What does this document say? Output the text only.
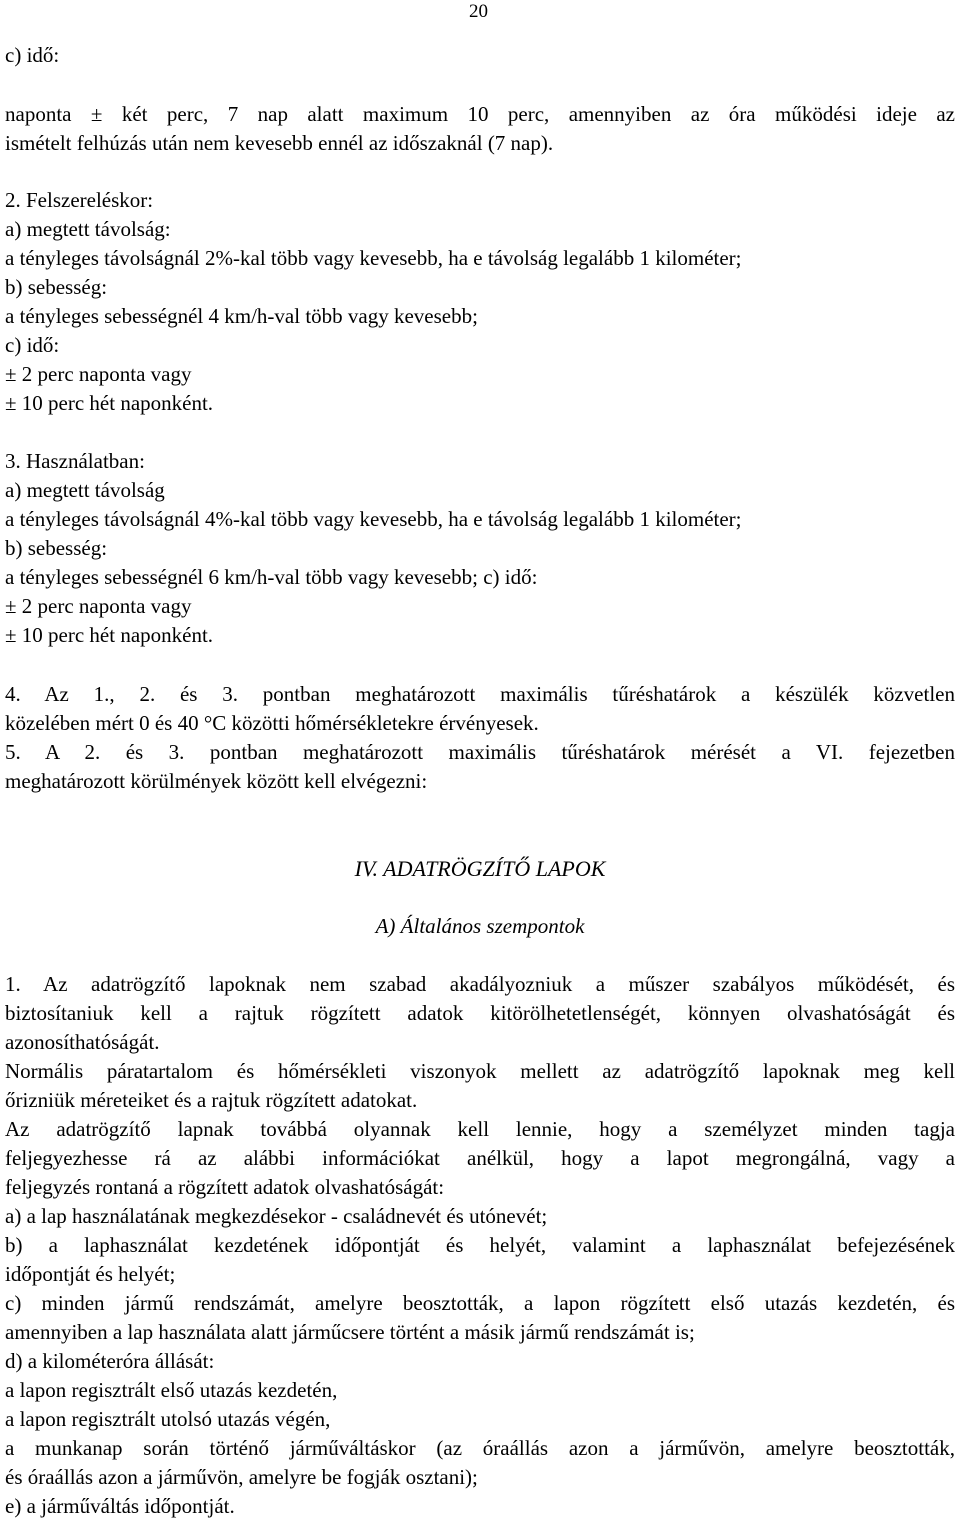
20
c) idő:
naponta ± két perc, 7 nap alatt maximum 10 perc, amennyiben az óra működési ideje az
ismételt felhúzás után nem kevesebb ennél az időszaknál (7 nap).
2. Felszereléskor:
a) megtett távolság:
a tényleges távolságnál 2%-kal több vagy kevesebb, ha e távolság legalább 1 kilométer;
b) sebesség:
a tényleges sebességnél 4 km/h-val több vagy kevesebb;
c) idő:
± 2 perc naponta vagy
± 10 perc hét naponként.
3. Használatban:
a) megtett távolság
a tényleges távolságnál 4%-kal több vagy kevesebb, ha e távolság legalább 1 kilométer;
b) sebesség:
a tényleges sebességnél 6 km/h-val több vagy kevesebb; c) idő:
± 2 perc naponta vagy
± 10 perc hét naponként.
4. Az 1., 2. és 3. pontban meghatározott maximális tűréshatárok a készülék közvetlen
közelében mért 0 és 40 °C közötti hőmérsékletekre érvényesek.
5. A 2. és 3. pontban meghatározott maximális tűréshatárok mérését a VI. fejezetben
meghatározott körülmények között kell elvégezni:
IV. ADATRÖGZÍTŐ LAPOK
A) Általános szempontok
1. Az adatrögzítő lapoknak nem szabad akadályozniuk a műszer szabályos működését, és
biztosítaniuk kell a rajtuk rögzített adatok kitörölhetetlenségét, könnyen olvashatóságát és
azonosíthatóságát.
Normális páratartalom és hőmérsékleti viszonyok mellett az adatrögzítő lapoknak meg kell
őrizniük méreteiket és a rajtuk rögzített adatokat.
Az adatrögzítő lapnak továbbá olyannak kell lennie, hogy a személyzet minden tagja
feljegyezhesse rá az alábbi információkat anélkül, hogy a lapot megrongálná, vagy a
feljegyzés rontaná a rögzített adatok olvashatóságát:
a) a lap használatának megkezdésekor - családnevét és utónevét;
b) a laphasználat kezdetének időpontját és helyét, valamint a laphasználat befejezésének
időpontját és helyét;
c) minden jármű rendszámát, amelyre beosztották, a lapon rögzített első utazás kezdetén, és
amennyiben a lap használata alatt járműcsere történt a másik jármű rendszámát is;
d) a kilométeróra állását:
a lapon regisztrált első utazás kezdetén,
a lapon regisztrált utolsó utazás végén,
a munkanap során történő járműváltáskor (az óraállás azon a járművön, amelyre beosztották,
és óraállás azon a járművön, amelyre be fogják osztani);
e) a járműváltás időpontját.
